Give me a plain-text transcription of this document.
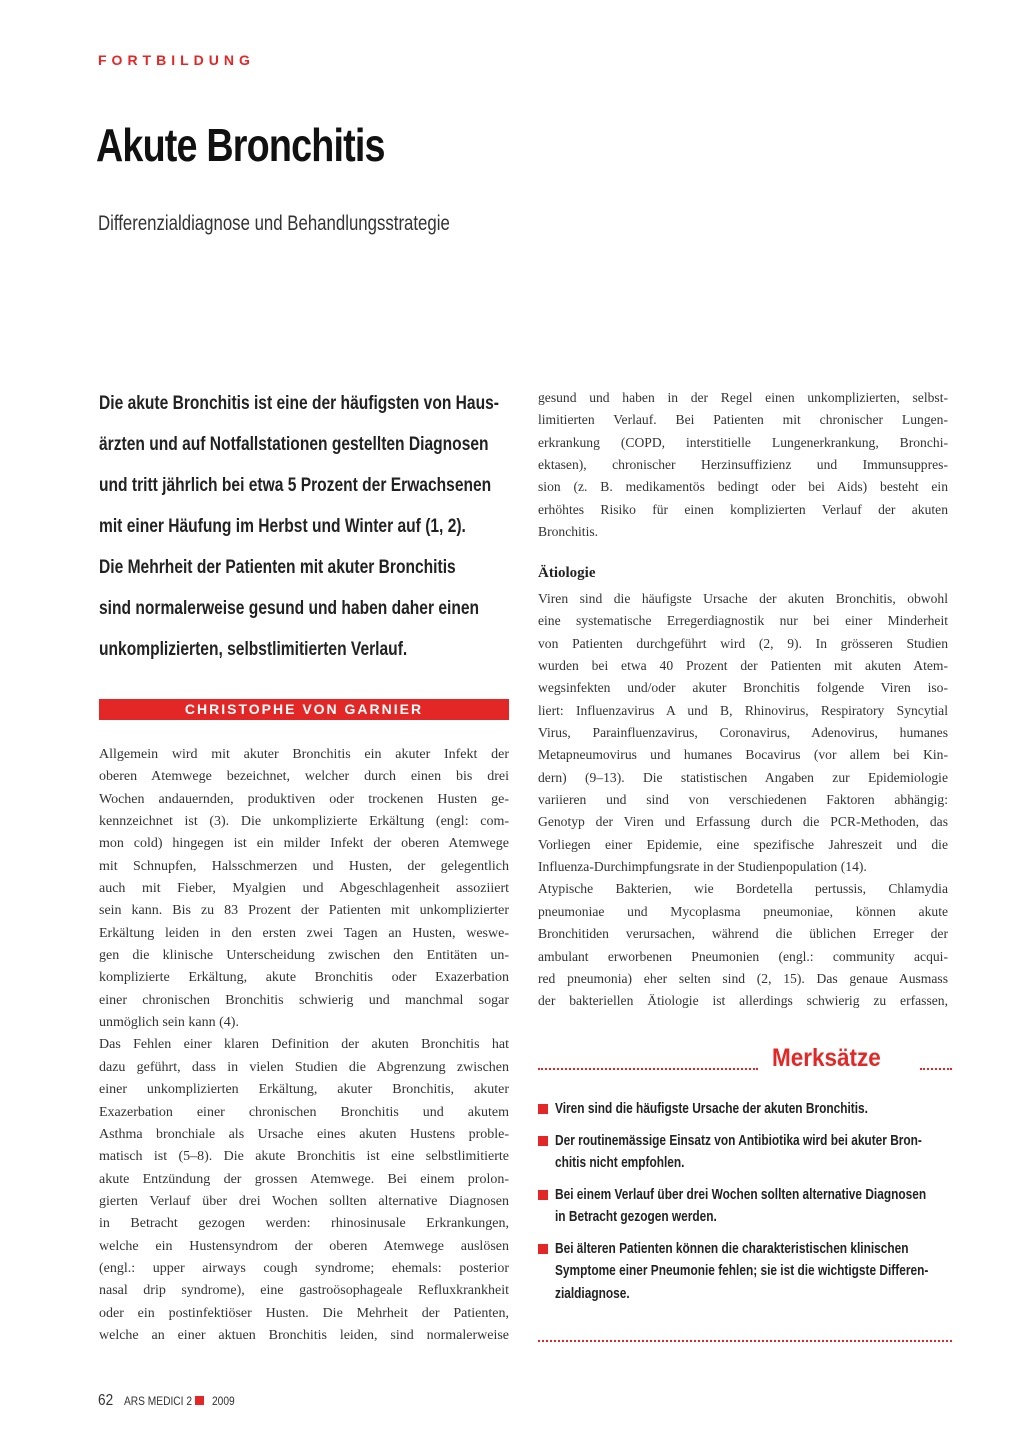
FORTBILDUNG
Akute Bronchitis
Differenzialdiagnose und Behandlungsstrategie
Die akute Bronchitis ist eine der häufigsten von Haus-
ärzten und auf Notfallstationen gestellten Diagnosen
und tritt jährlich bei etwa 5 Prozent der Erwachsenen
mit einer Häufung im Herbst und Winter auf (1, 2).
Die Mehrheit der Patienten mit akuter Bronchitis
sind normalerweise gesund und haben daher einen
unkomplizierten, selbstlimitierten Verlauf.
CHRISTOPHE VON GARNIER
Allgemein wird mit akuter Bronchitis ein akuter Infekt der
oberen Atemwege bezeichnet, welcher durch einen bis drei
Wochen andauernden, produktiven oder trockenen Husten ge-
kennzeichnet ist (3). Die unkomplizierte Erkältung (engl: com-
mon cold) hingegen ist ein milder Infekt der oberen Atemwege
mit Schnupfen, Halsschmerzen und Husten, der gelegentlich
auch mit Fieber, Myalgien und Abgeschlagenheit assoziiert
sein kann. Bis zu 83 Prozent der Patienten mit unkomplizierter
Erkältung leiden in den ersten zwei Tagen an Husten, weswe-
gen die klinische Unterscheidung zwischen den Entitäten un-
komplizierte Erkältung, akute Bronchitis oder Exazerbation
einer chronischen Bronchitis schwierig und manchmal sogar
unmöglich sein kann (4).
Das Fehlen einer klaren Definition der akuten Bronchitis hat
dazu geführt, dass in vielen Studien die Abgrenzung zwischen
einer unkomplizierten Erkältung, akuter Bronchitis, akuter
Exazerbation einer chronischen Bronchitis und akutem
Asthma bronchiale als Ursache eines akuten Hustens proble-
matisch ist (5–8). Die akute Bronchitis ist eine selbstlimitierte
akute Entzündung der grossen Atemwege. Bei einem prolon-
gierten Verlauf über drei Wochen sollten alternative Diagnosen
in Betracht gezogen werden: rhinosinusale Erkrankungen,
welche ein Hustensyndrom der oberen Atemwege auslösen
(engl.: upper airways cough syndrome; ehemals: posterior
nasal drip syndrome), eine gastroösophageale Refluxkrankheit
oder ein postinfektiöser Husten. Die Mehrheit der Patienten,
welche an einer aktuen Bronchitis leiden, sind normalerweise
gesund und haben in der Regel einen unkomplizierten, selbst-
limitierten Verlauf. Bei Patienten mit chronischer Lungen-
erkrankung (COPD, interstitielle Lungenerkrankung, Bronchi-
ektasen), chronischer Herzinsuffizienz und Immunsuppres-
sion (z. B. medikamentös bedingt oder bei Aids) besteht ein
erhöhtes Risiko für einen komplizierten Verlauf der akuten
Bronchitis.
Ätiologie
Viren sind die häufigste Ursache der akuten Bronchitis, obwohl
eine systematische Erregerdiagnostik nur bei einer Minderheit
von Patienten durchgeführt wird (2, 9). In grösseren Studien
wurden bei etwa 40 Prozent der Patienten mit akuten Atem-
wegsinfekten und/oder akuter Bronchitis folgende Viren iso-
liert: Influenzavirus A und B, Rhinovirus, Respiratory Syncytial
Virus, Parainfluenzavirus, Coronavirus, Adenovirus, humanes
Metapneumovirus und humanes Bocavirus (vor allem bei Kin-
dern) (9–13). Die statistischen Angaben zur Epidemiologie
variieren und sind von verschiedenen Faktoren abhängig:
Genotyp der Viren und Erfassung durch die PCR-Methoden, das
Vorliegen einer Epidemie, eine spezifische Jahreszeit und die
Influenza-Durchimpfungsrate in der Studienpopulation (14).
Atypische Bakterien, wie Bordetella pertussis, Chlamydia
pneumoniae und Mycoplasma pneumoniae, können akute
Bronchitiden verursachen, während die üblichen Erreger der
ambulant erworbenen Pneumonien (engl.: community acqui-
red pneumonia) eher selten sind (2, 15). Das genaue Ausmass
der bakteriellen Ätiologie ist allerdings schwierig zu erfassen,
Merksätze
Viren sind die häufigste Ursache der akuten Bronchitis.
Der routinemässige Einsatz von Antibiotika wird bei akuter Bron-
chitis nicht empfohlen.
Bei einem Verlauf über drei Wochen sollten alternative Diagnosen
in Betracht gezogen werden.
Bei älteren Patienten können die charakteristischen klinischen
Symptome einer Pneumonie fehlen; sie ist die wichtigste Differen-
zialdiagnose.
62 ARS MEDICI 2 2009
